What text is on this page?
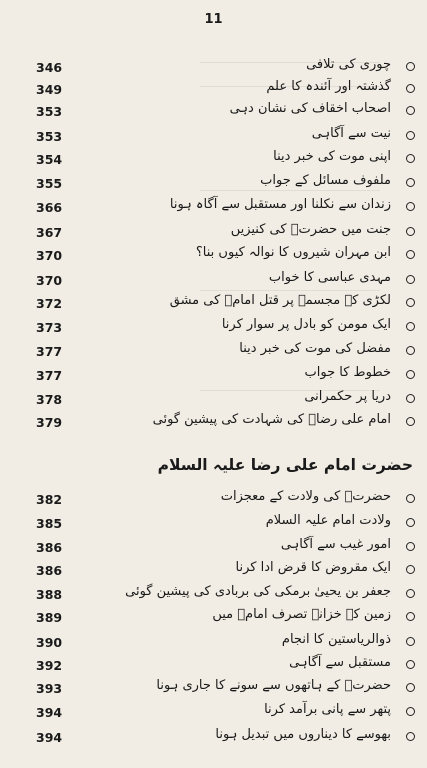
11
چوری کی تلافی
346
گذشتہ اور آئندہ کا علم
349
اصحاب اخقاف کی نشان دہی
353
نیت سے آگاہی
353
اپنی موت کی خبر دینا
354
ملفوف مسائل کے جواب
355
زندان سے نکلنا اور مستقبل سے آگاہ ہونا
366
جنت میں حضرتؑ کی کنیزیں
367
ابن مہران شیروں کا نوالہ کیوں بنا؟
370
مہدی عباسی کا خواب
370
لکڑی کے مجسمہ پر قتل امامؑ کی مشق
372
ایک مومن کو بادل پر سوار کرنا
373
مفضل کی موت کی خبر دینا
377
خطوط کا جواب
377
دریا پر حکمرانی
378
امام علی رضاؑ کی شہادت کی پیشین گوئی
379
حضرت امام علی رضا علیہ السلام
حضرتؑ کی ولادت کے معجزات
382
ولادت امام علیہ السلام
385
امور غیب سے آگاہی
386
ایک مقروض کا قرض ادا کرنا
386
جعفر بن یحییٰ برمکی کی بربادی کی پیشین گوئی
388
زمین کے خزانے تصرف امامؑ میں
389
ذوالریاستین کا انجام
390
مستقبل سے آگاہی
392
حضرتؑ کے ہاتھوں سے سونے کا جاری ہونا
393
پتھر سے پانی برآمد کرنا
394
بھوسے کا دیناروں میں تبدیل ہونا
394
